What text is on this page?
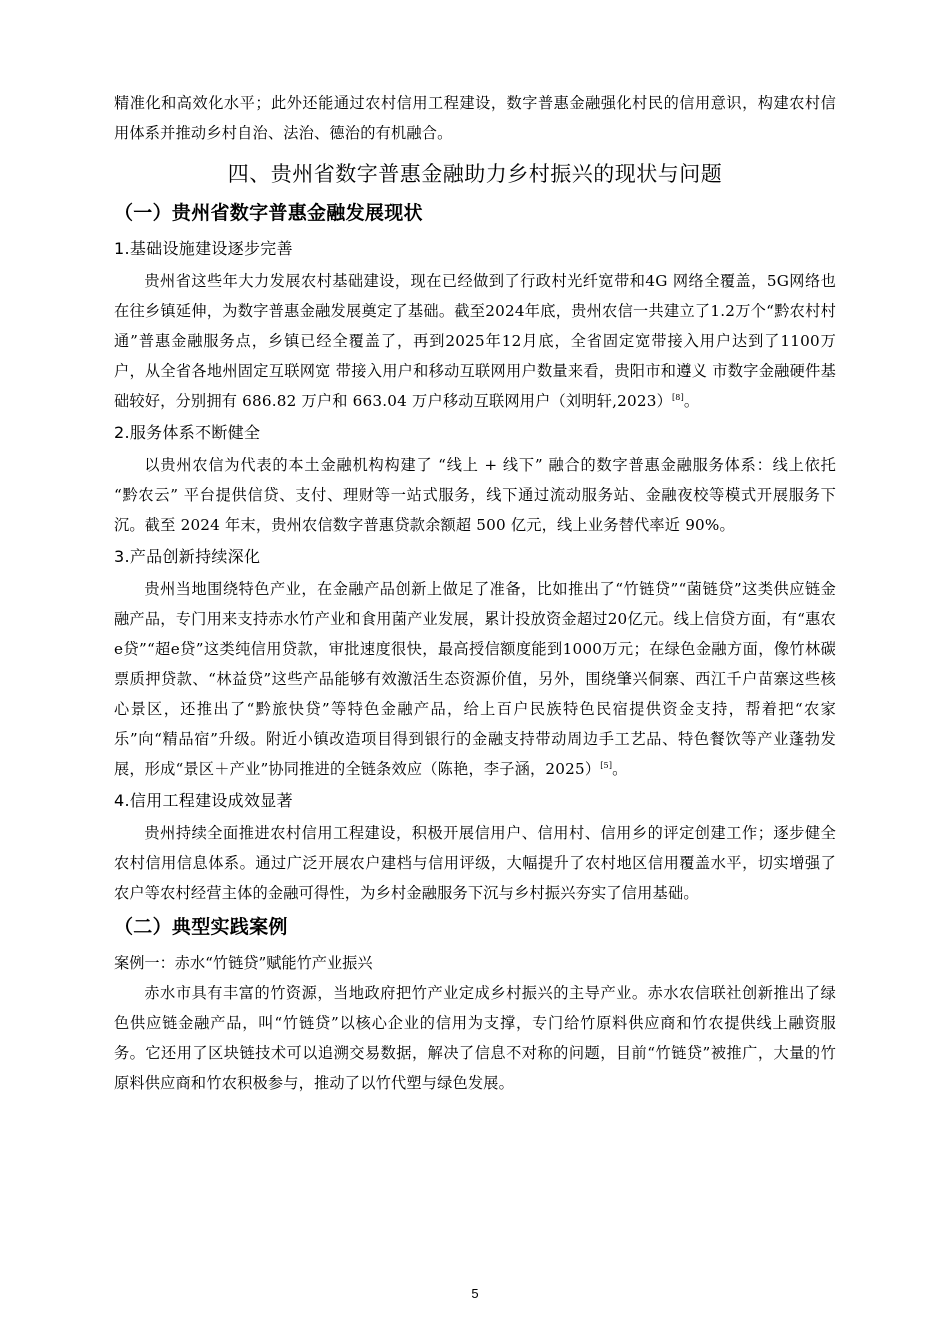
精准化和高效化水平；此外还能通过农村信用工程建设，数字普惠金融强化村民的信用意识，构建农村信用体系并推动乡村自治、法治、德治的有机融合。

四、贵州省数字普惠金融助力乡村振兴的现状与问题
（一）贵州省数字普惠金融发展现状
1.基础设施建设逐步完善

贵州省这些年大力发展农村基础建设，现在已经做到了行政村光纤宽带和4G 网络全覆盖，5G网络也在往乡镇延伸，为数字普惠金融发展奠定了基础。截至2024年底，贵州农信一共建立了1.2万个“黔农村村通”普惠金融服务点，乡镇已经全覆盖了，再到2025年12月底，全省固定宽带接入用户达到了1100万户，从全省各地州固定互联网宽 带接入用户和移动互联网用户数量来看，贵阳市和遵义 市数字金融硬件基础较好，分别拥有 686.82 万户和 663.04 万户移动互联网用户（刘明轩,2023）[8]。

2.服务体系不断健全

以贵州农信为代表的本土金融机构构建了 “线上 + 线下” 融合的数字普惠金融服务体系：线上依托 “黔农云” 平台提供信贷、支付、理财等一站式服务，线下通过流动服务站、金融夜校等模式开展服务下沉。截至 2024 年末，贵州农信数字普惠贷款余额超 500 亿元，线上业务替代率近 90%。

3.产品创新持续深化

贵州当地围绕特色产业，在金融产品创新上做足了准备，比如推出了“竹链贷”“菌链贷”这类供应链金融产品，专门用来支持赤水竹产业和食用菌产业发展，累计投放资金超过20亿元。线上信贷方面，有“惠农e贷”“超e贷”这类纯信用贷款，审批速度很快，最高授信额度能到1000万元；在绿色金融方面，像竹林碳票质押贷款、“林益贷”这些产品能够有效激活生态资源价值，另外，围绕肇兴侗寨、西江千户苗寨这些核心景区，还推出了“黔旅快贷”等特色金融产品，给上百户民族特色民宿提供资金支持，帮着把“农家乐”向“精品宿”升级。附近小镇改造项目得到银行的金融支持带动周边手工艺品、特色餐饮等产业蓬勃发展，形成“景区＋产业”协同推进的全链条效应（陈艳，李子涵，2025）[5]。

4.信用工程建设成效显著

贵州持续全面推进农村信用工程建设，积极开展信用户、信用村、信用乡的评定创建工作；逐步健全农村信用信息体系。通过广泛开展农户建档与信用评级，大幅提升了农村地区信用覆盖水平，切实增强了农户等农村经营主体的金融可得性，为乡村金融服务下沉与乡村振兴夯实了信用基础。

（二）典型实践案例

案例一：赤水“竹链贷”赋能竹产业振兴

赤水市具有丰富的竹资源，当地政府把竹产业定成乡村振兴的主导产业。赤水农信联社创新推出了绿色供应链金融产品，叫“竹链贷”以核心企业的信用为支撑，专门给竹原料供应商和竹农提供线上融资服务。它还用了区块链技术可以追溯交易数据，解决了信息不对称的问题，目前“竹链贷”被推广，大量的竹原料供应商和竹农积极参与，推动了以竹代塑与绿色发展。

5
